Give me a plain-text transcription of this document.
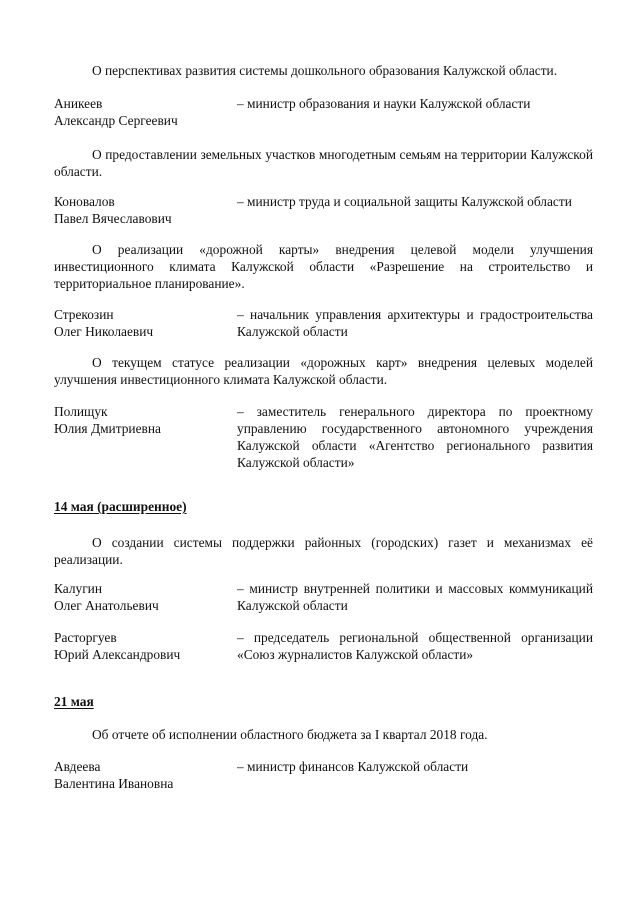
О перспективах развития системы дошкольного образования Калужской области.

Аникеев
Александр Сергеевич

– министр образования и науки Калужской области

О предоставлении земельных участков многодетным семьям на территории Калужской области.

Коновалов
Павел Вячеславович

– министр труда и социальной защиты Калужской области

О реализации «дорожной карты» внедрения целевой модели улучшения инвестиционного климата Калужской области «Разрешение на строительство и территориальное планирование».

Стрекозин
Олег Николаевич

– начальник управления архитектуры и градостроительства Калужской области

О текущем статусе реализации «дорожных карт» внедрения целевых моделей улучшения инвестиционного климата Калужской области.

Полищук
Юлия Дмитриевна

– заместитель генерального директора по проектному управлению государственного автономного учреждения Калужской области «Агентство регионального развития Калужской области»

14 мая (расширенное)

О создании системы поддержки районных (городских) газет и механизмах её реализации.

Калугин
Олег Анатольевич

– министр внутренней политики и массовых коммуникаций Калужской области

Расторгуев
Юрий Александрович

– председатель региональной общественной организации «Союз журналистов Калужской области»

21 мая

Об отчете об исполнении областного бюджета за I квартал 2018 года.

Авдеева
Валентина Ивановна

– министр финансов Калужской области
